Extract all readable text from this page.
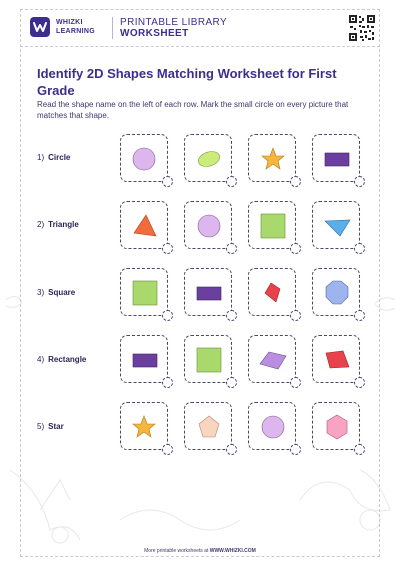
WHIZKI
LEARNING
PRINTABLE LIBRARY
WORKSHEET
Identify 2D Shapes Matching Worksheet for First Grade

Read the shape name on the left of each row. Mark the small circle on every picture that matches that shape.

1) Circle
2) Triangle
3) Square
4) Rectangle
5) Star
More printable worksheets at WWW.WHIZKI.COM
